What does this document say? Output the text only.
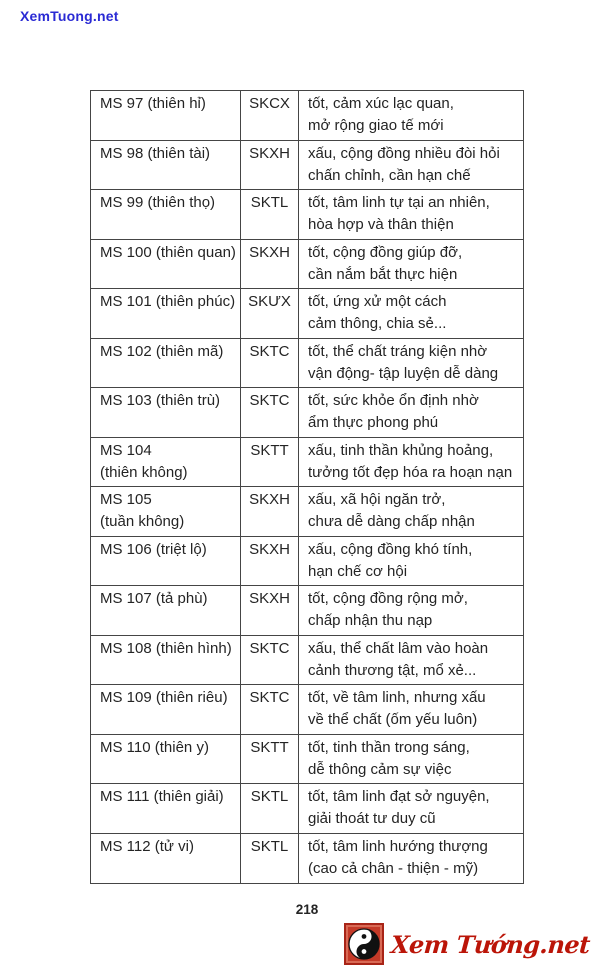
XemTuong.net
MS 97 (thiên hỉ)	SKCX	tốt, cảm xúc lạc quan,
mở rộng giao tế mới
MS 98 (thiên tài)	SKXH	xấu, cộng đồng nhiều đòi hỏi
chấn chỉnh, cần hạn chế
MS 99 (thiên thọ)	SKTL	tốt, tâm linh tự tại an nhiên,
hòa hợp và thân thiện
MS 100 (thiên quan) SKXH	tốt, cộng đồng giúp đỡ,
cần nắm bắt thực hiện
MS 101 (thiên phúc) SKƯX	tốt, ứng xử một cách
cảm thông, chia sẻ...
MS 102 (thiên mã)	SKTC	tốt, thể chất tráng kiện nhờ
vận động- tập luyện dễ dàng
MS 103 (thiên trù)	SKTC	tốt, sức khỏe ổn định nhờ
ẩm thực phong phú
MS 104
(thiên không)
SKTT	xấu, tinh thần khủng hoảng,
tưởng tốt đẹp hóa ra hoạn nạn
MS 105
(tuần không)
SKXH	xấu, xã hội ngăn trở,
chưa dễ dàng chấp nhận
MS 106 (triệt lộ)	SKXH	xấu, cộng đồng khó tính,
hạn chế cơ hội
MS 107 (tả phù)	SKXH	tốt, cộng đồng rộng mở,
chấp nhận thu nạp
MS 108 (thiên hình)	SKTC	xấu, thể chất lâm vào hoàn
cảnh thương tật, mổ xẻ...
MS 109 (thiên riêu)	SKTC	tốt, về tâm linh, nhưng xấu
về thể chất (ốm yếu luôn)
MS 110 (thiên y)	SKTT	tốt, tinh thần trong sáng,
dễ thông cảm sự việc
MS 111 (thiên giải)	SKTL	tốt, tâm linh đạt sở nguyện,
giải thoát tư duy cũ
MS 112 (tử vi)	SKTL	tốt, tâm linh hướng thượng
(cao cả chân - thiện - mỹ)
218
Xem Tướng.net
